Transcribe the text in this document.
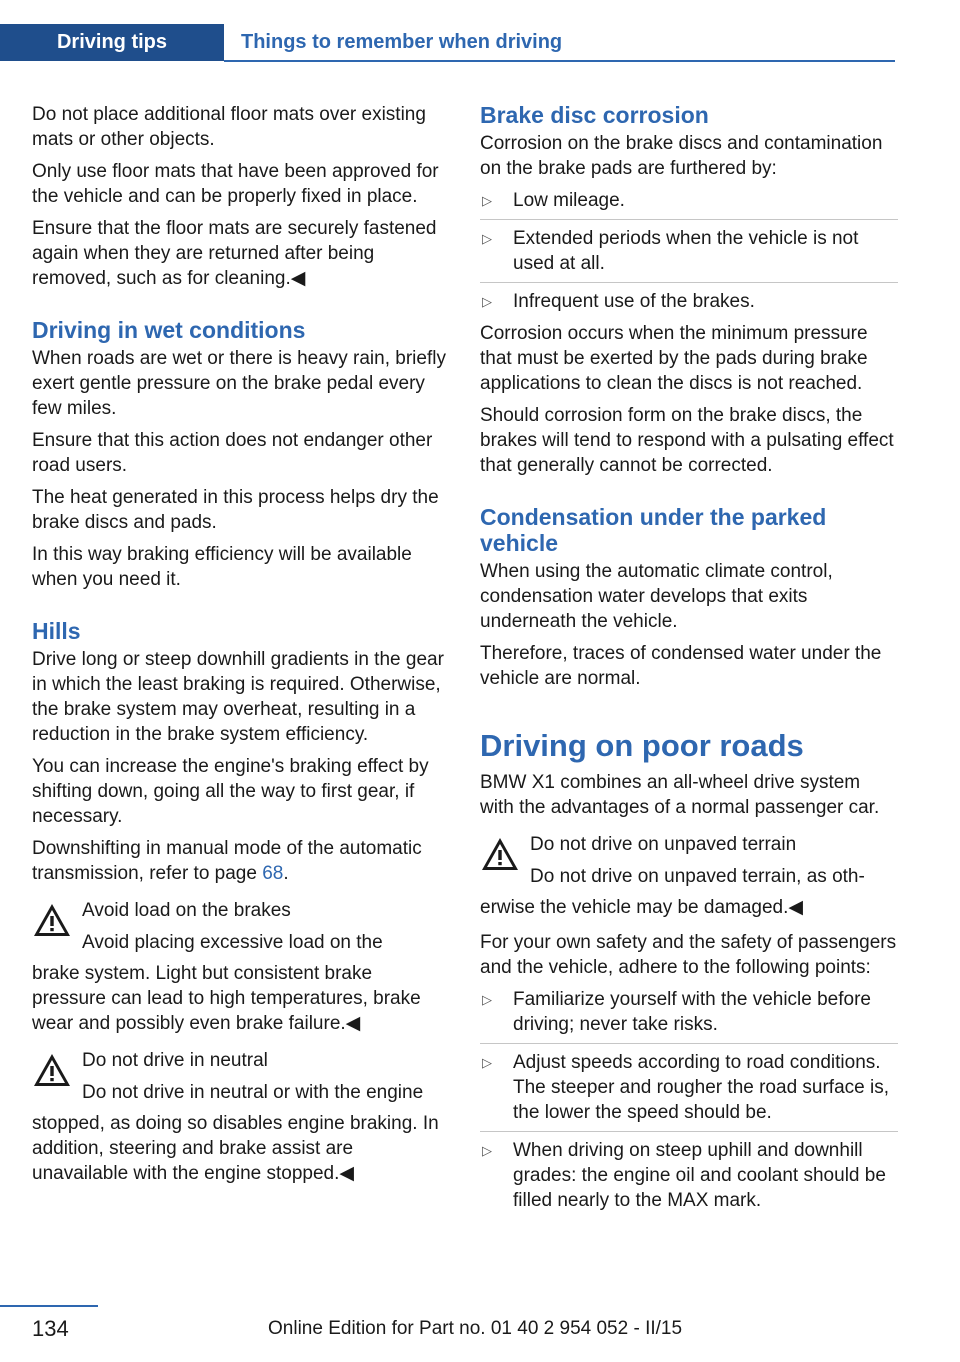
Driving tips	Things to remember when driving

Do not place additional floor mats over existing mats or other objects.

Only use floor mats that have been approved for the vehicle and can be properly fixed in place.

Ensure that the floor mats are securely fastened again when they are returned after being removed, such as for cleaning.◀

Driving in wet conditions

When roads are wet or there is heavy rain, briefly exert gentle pressure on the brake pedal every few miles.

Ensure that this action does not endanger other road users.

The heat generated in this process helps dry the brake discs and pads.

In this way braking efficiency will be available when you need it.

Hills

Drive long or steep downhill gradients in the gear in which the least braking is required. Otherwise, the brake system may overheat, resulting in a reduction in the brake system efficiency.

You can increase the engine's braking effect by shifting down, going all the way to first gear, if necessary.

Downshifting in manual mode of the automatic transmission, refer to page 68.

Avoid load on the brakes
Avoid placing excessive load on the
brake system. Light but consistent brake pressure can lead to high temperatures, brake wear and possibly even brake failure.◀
Do not drive in neutral
Do not drive in neutral or with the engine
stopped, as doing so disables engine braking. In addition, steering and brake assist are unavailable with the engine stopped.◀
Brake disc corrosion

Corrosion on the brake discs and contamination on the brake pads are furthered by:

▷ Low mileage.
▷ Extended periods when the vehicle is not used at all.
▷ Infrequent use of the brakes.

Corrosion occurs when the minimum pressure that must be exerted by the pads during brake applications to clean the discs is not reached.

Should corrosion form on the brake discs, the brakes will tend to respond with a pulsating effect that generally cannot be corrected.

Condensation under the parked vehicle

When using the automatic climate control, condensation water develops that exits underneath the vehicle.

Therefore, traces of condensed water under the vehicle are normal.

Driving on poor roads

BMW X1 combines an all-wheel drive system with the advantages of a normal passenger car.

Do not drive on unpaved terrain
Do not drive on unpaved terrain, as oth-
erwise the vehicle may be damaged.◀

For your own safety and the safety of passengers and the vehicle, adhere to the following points:

▷ Familiarize yourself with the vehicle before driving; never take risks.
▷ Adjust speeds according to road conditions. The steeper and rougher the road surface is, the lower the speed should be.
▷ When driving on steep uphill and downhill grades: the engine oil and coolant should be filled nearly to the MAX mark.
134	Online Edition for Part no. 01 40 2 954 052 - II/15
